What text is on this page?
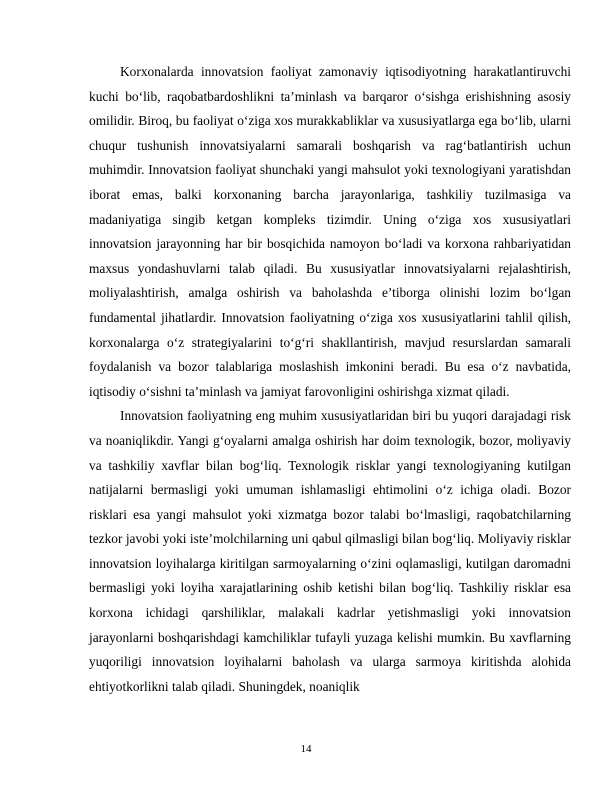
Korxonalarda innovatsion faoliyat zamonaviy iqtisodiyotning harakatlantiruvchi kuchi bo‘lib, raqobatbardoshlikni ta’minlash va barqaror o‘sishga erishishning asosiy omilidir. Biroq, bu faoliyat o‘ziga xos murakkabliklar va xususiyatlarga ega bo‘lib, ularni chuqur tushunish innovatsiyalarni samarali boshqarish va rag‘batlantirish uchun muhimdir. Innovatsion faoliyat shunchaki yangi mahsulot yoki texnologiyani yaratishdan iborat emas, balki korxonaning barcha jarayonlariga, tashkiliy tuzilmasiga va madaniyatiga singib ketgan kompleks tizimdir. Uning o‘ziga xos xususiyatlari innovatsion jarayonning har bir bosqichida namoyon bo‘ladi va korxona rahbariyatidan maxsus yondashuvlarni talab qiladi. Bu xususiyatlar innovatsiyalarni rejalashtirish, moliyalashtirish, amalga oshirish va baholashda e’tiborga olinishi lozim bo‘lgan fundamental jihatlardir. Innovatsion faoliyatning o‘ziga xos xususiyatlarini tahlil qilish, korxonalarga o‘z strategiyalarini to‘g‘ri shakllantirish, mavjud resurslardan samarali foydalanish va bozor talablariga moslashish imkonini beradi. Bu esa o‘z navbatida, iqtisodiy o‘sishni ta’minlash va jamiyat farovonligini oshirishga xizmat qiladi.

Innovatsion faoliyatning eng muhim xususiyatlaridan biri bu yuqori darajadagi risk va noaniqlikdir. Yangi g‘oyalarni amalga oshirish har doim texnologik, bozor, moliyaviy va tashkiliy xavflar bilan bog‘liq. Texnologik risklar yangi texnologiyaning kutilgan natijalarni bermasligi yoki umuman ishlamasligi ehtimolini o‘z ichiga oladi. Bozor risklari esa yangi mahsulot yoki xizmatga bozor talabi bo‘lmasligi, raqobatchilarning tezkor javobi yoki iste’molchilarning uni qabul qilmasligi bilan bog‘liq. Moliyaviy risklar innovatsion loyihalarga kiritilgan sarmoyalarning o‘zini oqlamasligi, kutilgan daromadni bermasligi yoki loyiha xarajatlarining oshib ketishi bilan bog‘liq. Tashkiliy risklar esa korxona ichidagi qarshiliklar, malakali kadrlar yetishmasligi yoki innovatsion jarayonlarni boshqarishdagi kamchiliklar tufayli yuzaga kelishi mumkin. Bu xavflarning yuqoriligi innovatsion loyihalarni baholash va ularga sarmoya kiritishda alohida ehtiyotkorlikni talab qiladi. Shuningdek, noaniqlik

14
